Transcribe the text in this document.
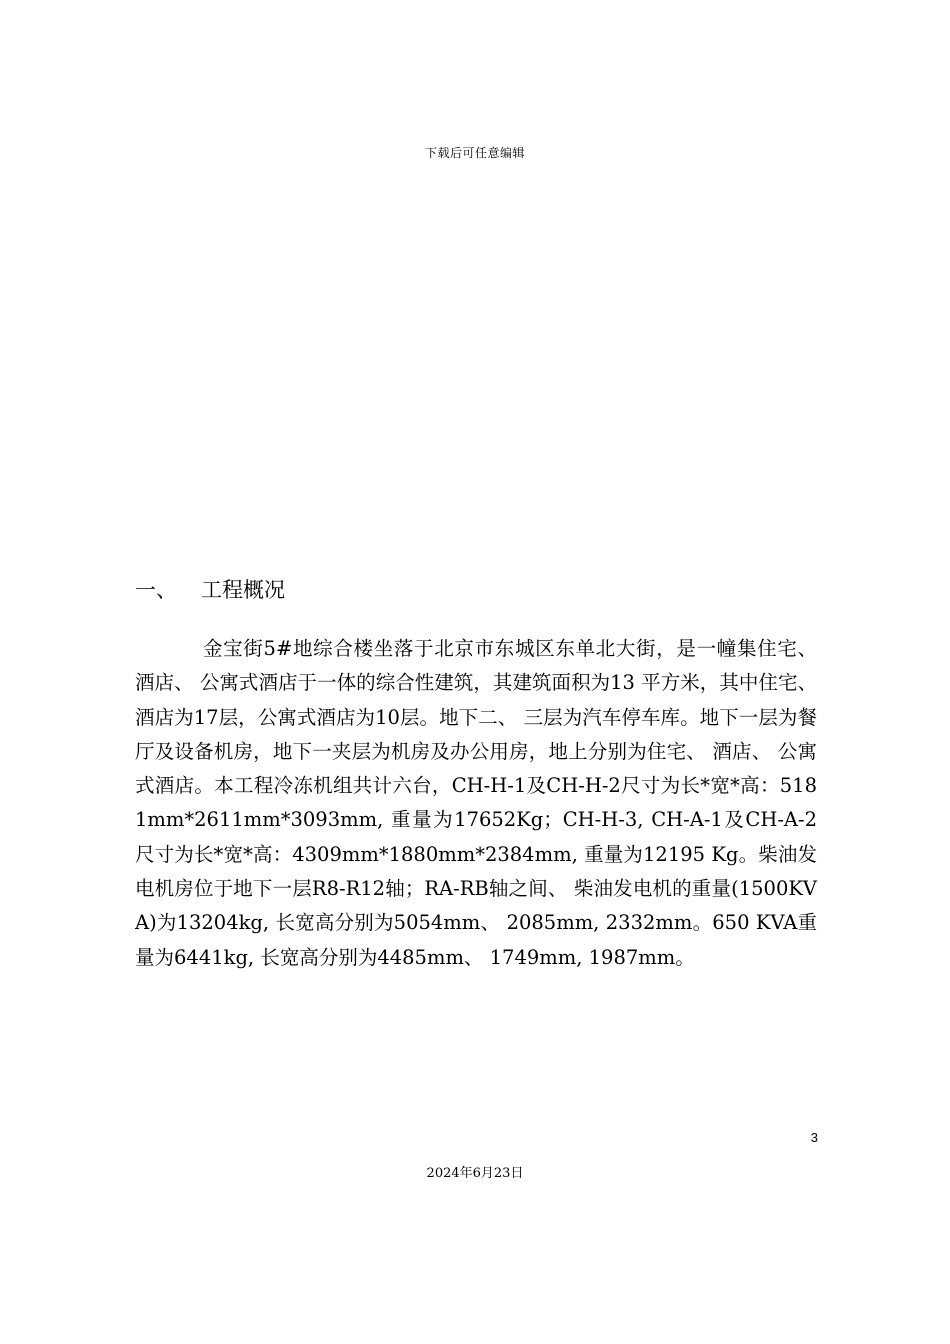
下载后可任意编辑
一、 工程概况

金宝街5#地综合楼坐落于北京市东城区东单北大街，是一幢集住宅、 酒店、 公寓式酒店于一体的综合性建筑，其建筑面积为13 平方米，其中住宅、 酒店为17层，公寓式酒店为10层。地下二、 三层为汽车停车库。地下一层为餐厅及设备机房，地下一夹层为机房及办公用房，地上分别为住宅、 酒店、 公寓式酒店。本工程冷冻机组共计六台，CH-H-1及CH-H-2尺寸为长*宽*高：5181mm*2611mm*3093mm, 重量为17652Kg；CH-H-3, CH-A-1及CH-A-2尺寸为长*宽*高：4309mm*1880mm*2384mm, 重量为12195 Kg。柴油发电机房位于地下一层R8-R12轴；RA-RB轴之间、 柴油发电机的重量(1500KVA)为13204kg, 长宽高分别为5054mm、 2085mm, 2332mm。650 KVA重量为6441kg, 长宽高分别为4485mm、 1749mm, 1987mm。

3
2024年6月23日
